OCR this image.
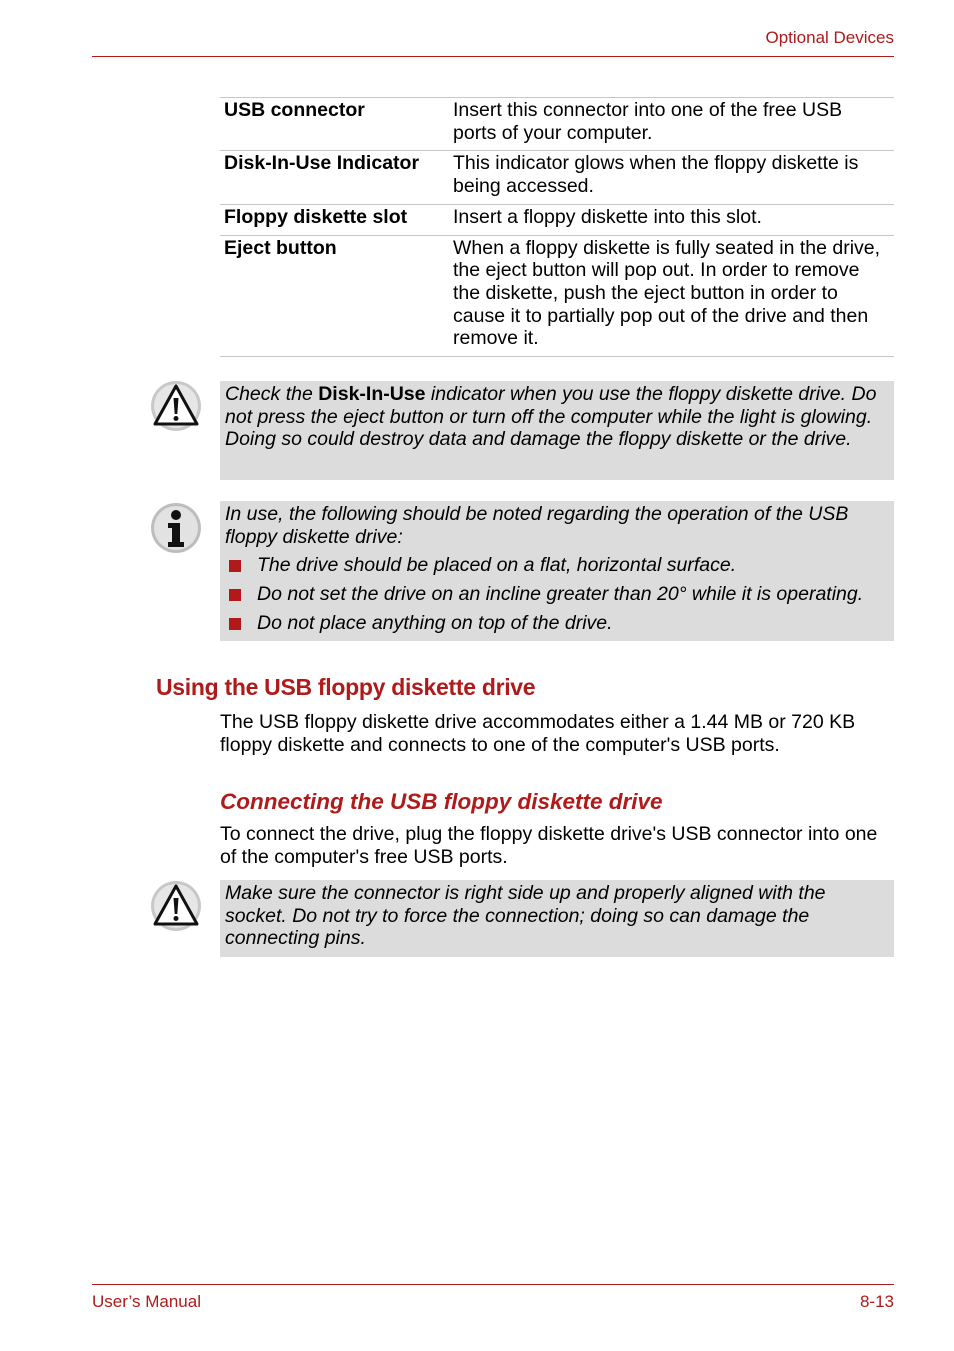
Optional Devices
USB connector	Insert this connector into one of the free USB ports of your computer.
Disk-In-Use Indicator	This indicator glows when the floppy diskette is being accessed.
Floppy diskette slot	Insert a floppy diskette into this slot.
Eject button	When a floppy diskette is fully seated in the drive, the eject button will pop out. In order to remove the diskette, push the eject button in order to cause it to partially pop out of the drive and then remove it.
Check the Disk-In-Use indicator when you use the floppy diskette drive. Do not press the eject button or turn off the computer while the light is glowing. Doing so could destroy data and damage the floppy diskette or the drive.
In use, the following should be noted regarding the operation of the USB floppy diskette drive:
The drive should be placed on a flat, horizontal surface.
Do not set the drive on an incline greater than 20° while it is operating.
Do not place anything on top of the drive.
Using the USB floppy diskette drive
The USB floppy diskette drive accommodates either a 1.44 MB or 720 KB floppy diskette and connects to one of the computer's USB ports.
Connecting the USB floppy diskette drive
To connect the drive, plug the floppy diskette drive's USB connector into one of the computer's free USB ports.
Make sure the connector is right side up and properly aligned with the socket. Do not try to force the connection; doing so can damage the connecting pins.
User’s Manual	8-13
